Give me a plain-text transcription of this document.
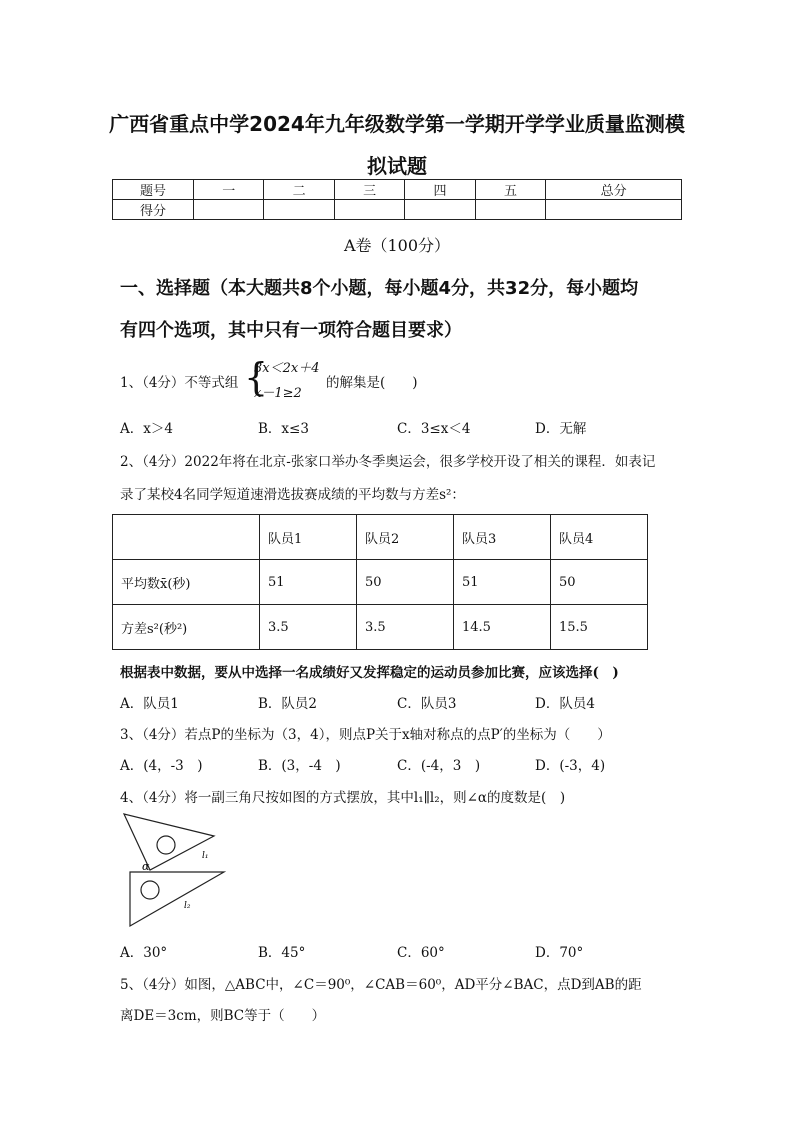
广西省重点中学2024年九年级数学第一学期开学学业质量监测模
拟试题
题号	一	二	三	四	五	总分
得分						
A卷（100分）
一、选择题（本大题共8个小题，每小题4分，共32分，每小题均
有四个选项，其中只有一项符合题目要求）
1、（4分）不等式组 {
3x＜2x＋4
x－1≥2
的解集是(　　)
A．x＞4	B．x≤3	C．3≤x＜4	D．无解
2、（4分）2022年将在北京-张家口举办冬季奥运会，很多学校开设了相关的课程．如表记
录了某校4名同学短道速滑选拔赛成绩的平均数与方差s²：
	队员1	队员2	队员3	队员4
平均数x̄(秒)	51	50	51	50
方差s²(秒²)	3.5	3.5	14.5	15.5
根据表中数据，要从中选择一名成绩好又发挥稳定的运动员参加比赛，应该选择(　)
A．队员1	B．队员2	C．队员3	D．队员4
3、（4分）若点P的坐标为（3，4），则点P关于x轴对称点的点P′的坐标为（　　）
A．(4，-3　)	B．(3，-4　)	C．(-4，3　)	D．(-3，4)
4、（4分）将一副三角尺按如图的方式摆放，其中l₁∥l₂，则∠α的度数是(　)
α
l₁
l₂
A．30°	B．45°	C．60°	D．70°
5、（4分）如图，△ABC中，∠C＝90⁰，∠CAB＝60⁰，AD平分∠BAC，点D到AB的距
离DE＝3cm，则BC等于（　　）
